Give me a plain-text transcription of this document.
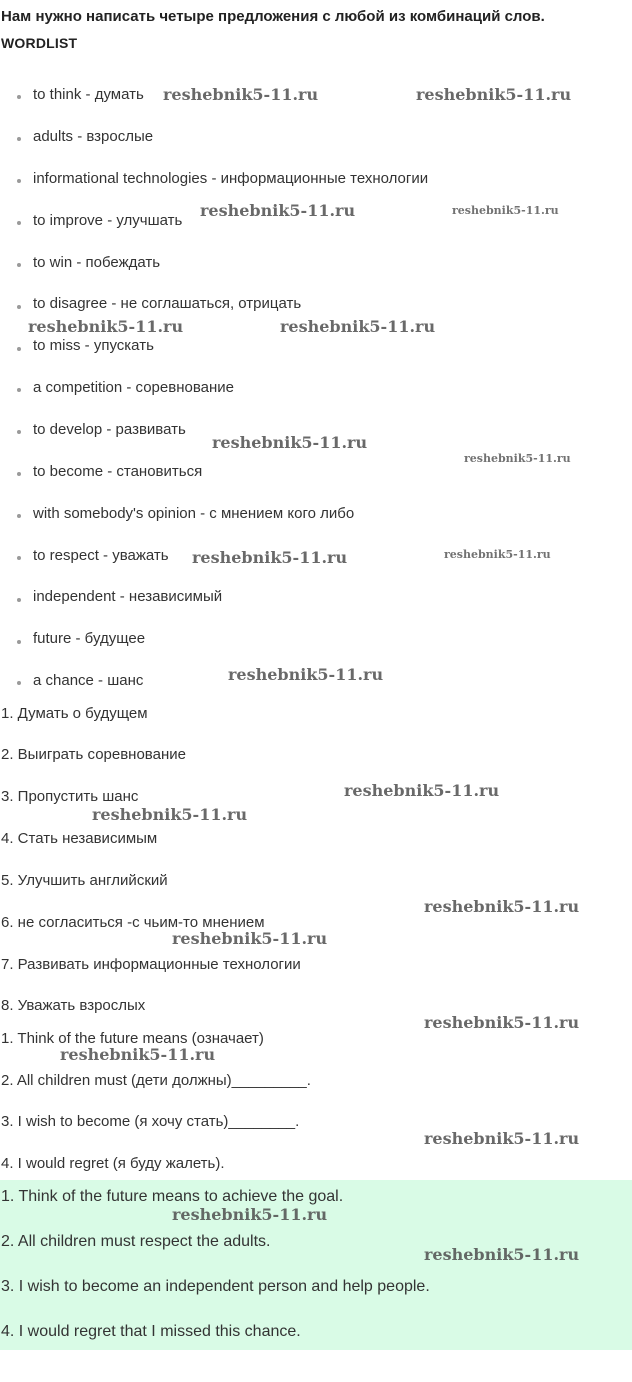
Нам нужно написать четыре предложения с любой из комбинаций слов.
WORDLIST
to think - думать
adults - взрослые
informational technologies - информационные технологии
to improve - улучшать
to win - побеждать
to disagree - не соглашаться, отрицать
to miss - упускать
a competition - соревнование
to develop - развивать
to become - становиться
with somebody's opinion - с мнением кого либо
to respect - уважать
independent - независимый
future - будущее
a chance - шанс
1. Думать о будущем
2. Выиграть соревнование
3. Пропустить шанс
4. Стать независимым
5. Улучшить английский
6. не согласиться -с чьим-то мнением
7. Развивать информационные технологии
8. Уважать взрослых
1. Think of the future means (означает)
2. All children must (дети должны)_________.
3. I wish to become (я хочу стать)________.
4. I would regret (я буду жалеть).
1. Think of the future means to achieve the goal.
2. All children must respect the adults.
3. I wish to become an independent person and help people.
4. I would regret that I missed this chance.
reshebnik5-11.ru	reshebnik5-11.ru
reshebnik5-11.ru	reshebnik5-11.ru
reshebnik5-11.ru	reshebnik5-11.ru
reshebnik5-11.ru
reshebnik5-11.ru
reshebnik5-11.ru	reshebnik5-11.ru
reshebnik5-11.ru
reshebnik5-11.ru
reshebnik5-11.ru
reshebnik5-11.ru
reshebnik5-11.ru
reshebnik5-11.ru
reshebnik5-11.ru
reshebnik5-11.ru
reshebnik5-11.ru
reshebnik5-11.ru
